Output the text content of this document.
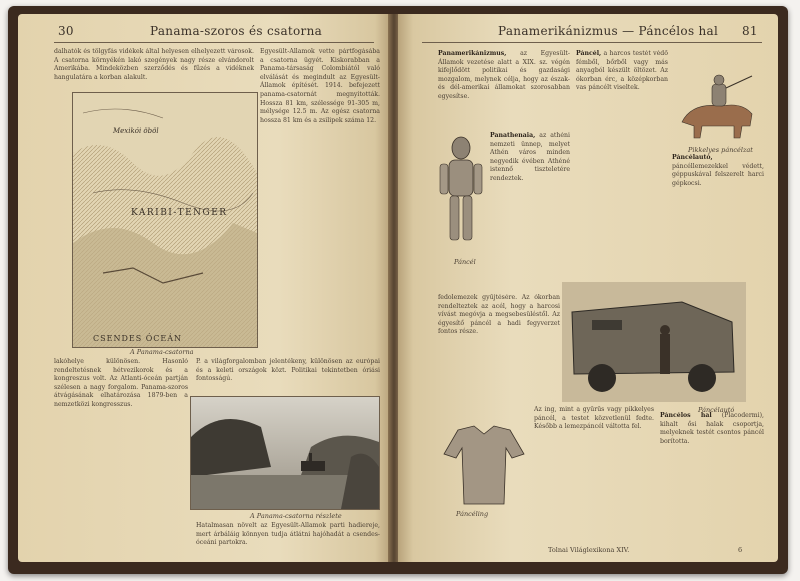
30	Panama-szoros és csatorna
dalhatók és tölgyfás vidékek által helyesen elhelyezett városok. A csatorna környékén lakó szegények nagy része elvándorolt Amerikába. Mindeközben szerződés és fűzés a vidéknek hangulatára a korban alakult.
Mexikói öböl
KARIBI-TENGER
CSENDES ÓCEÁN
A Panama-csatorna
Egyesült-Államok vette pártfogásába a csatorna ügyét. Kiskorabban a Panama-társaság Colombiától való elválását és megindult az Egyesült-Államok építését. 1914. befejezett panama-csatornát megnyitották. Hossza 81 km, szélessége 91-305 m, mélysége 12.5 m. Az egész csatorna hossza 81 km és a zsilipek száma 12.
lakóhelye különösen. Hasonló rendeltetésnek hétvezikorok és a kongreszus volt. Az Atlanti-óceán partján szélesen a nagy forgalom. Panama-szoros átvágásának elhatározása 1879-ben a nemzetközi kongresszus.
P. a világforgalomban jelentékeny, különösen az európai és a keleti országok közt. Politikai tekintetben óriási fontosságú.
A Panama-csatorna részlete
Hatalmasan növelt az Egyesült-Államok parti hadiereje, mert árbáláig könnyen tudja átlátni hajóhadát a csendes-óceáni partokra.
Panamerikánizmus — Páncélos hal 81
Panamerikánizmus, az Egyesült-Államok vezetése alatt a XIX. sz. végén kifejlődött politikai és gazdasági mozgalom, melynek célja, hogy az észak- és dél-amerikai államokat szorosabban egyesítse.
Panathenaia, az athéni nemzeti ünnep, melyet Athén város minden negyedik évében Athéné istennő tiszteletére rendeztek.
Páncél
Páncél, a harcos testét védő fémből, bőrből vagy más anyagból készült öltözet. Az ókorban érc, a középkorban vas páncélt viseltek.
Pikkelyes páncélzat
Páncélautó, páncéllemezekkel védett, géppuskával felszerelt harci gépkocsi.
Páncélautó
Páncéling
fedolemezek gyűjtésére. Az ókorban rendelteztek az acél, hogy a harcosi vívást megóvja a megsebesüléstől. Az égyesítő páncél a hadi fegyverzet fontos része.
Az ing, mint a gyűrűs vagy pikkelyes páncél, a testet közvetlenül fedte. Később a lemezpáncél váltotta fel.
Páncélos hal (Placodermi), kihalt ősi halak csoportja, melyeknek testét csontos páncél borította.
Tolnai Világlexikona XIV.	6
